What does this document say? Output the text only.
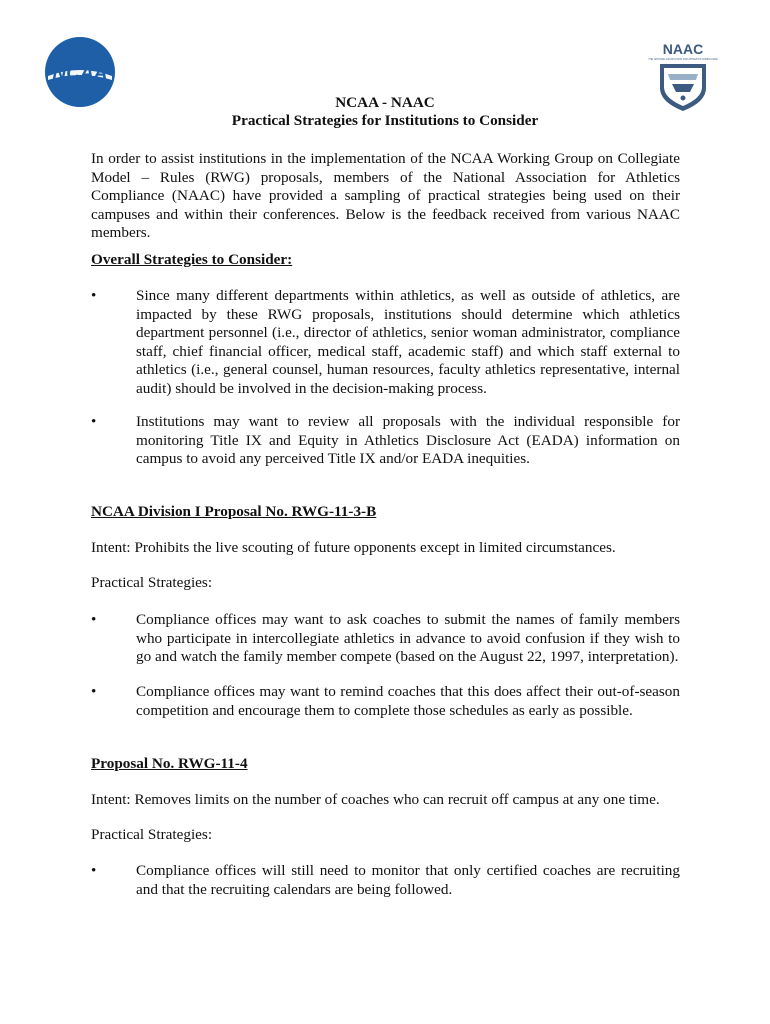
NCAA
NAAC
THE NATIONAL ASSOCIATION FOR ATHLETICS COMPLIANCE
NCAA - NAAC
Practical Strategies for Institutions to Consider

In order to assist institutions in the implementation of the NCAA Working Group on Collegiate Model – Rules (RWG) proposals, members of the National Association for Athletics Compliance (NAAC) have provided a sampling of practical strategies being used on their campuses and within their conferences. Below is the feedback received from various NAAC members.

Overall Strategies to Consider:

•	Since many different departments within athletics, as well as outside of athletics, are impacted by these RWG proposals, institutions should determine which athletics department personnel (i.e., director of athletics, senior woman administrator, compliance staff, chief financial officer, medical staff, academic staff) and which staff external to athletics (i.e., general counsel, human resources, faculty athletics representative, internal audit) should be involved in the decision-making process.

•	Institutions may want to review all proposals with the individual responsible for monitoring Title IX and Equity in Athletics Disclosure Act (EADA) information on campus to avoid any perceived Title IX and/or EADA inequities.

NCAA Division I Proposal No. RWG-11-3-B

Intent: Prohibits the live scouting of future opponents except in limited circumstances.

Practical Strategies:

•	Compliance offices may want to ask coaches to submit the names of family members who participate in intercollegiate athletics in advance to avoid confusion if they wish to go and watch the family member compete (based on the August 22, 1997, interpretation).

•	Compliance offices may want to remind coaches that this does affect their out-of-season competition and encourage them to complete those schedules as early as possible.

Proposal No. RWG-11-4

Intent: Removes limits on the number of coaches who can recruit off campus at any one time.

Practical Strategies:

•	Compliance offices will still need to monitor that only certified coaches are recruiting and that the recruiting calendars are being followed.
